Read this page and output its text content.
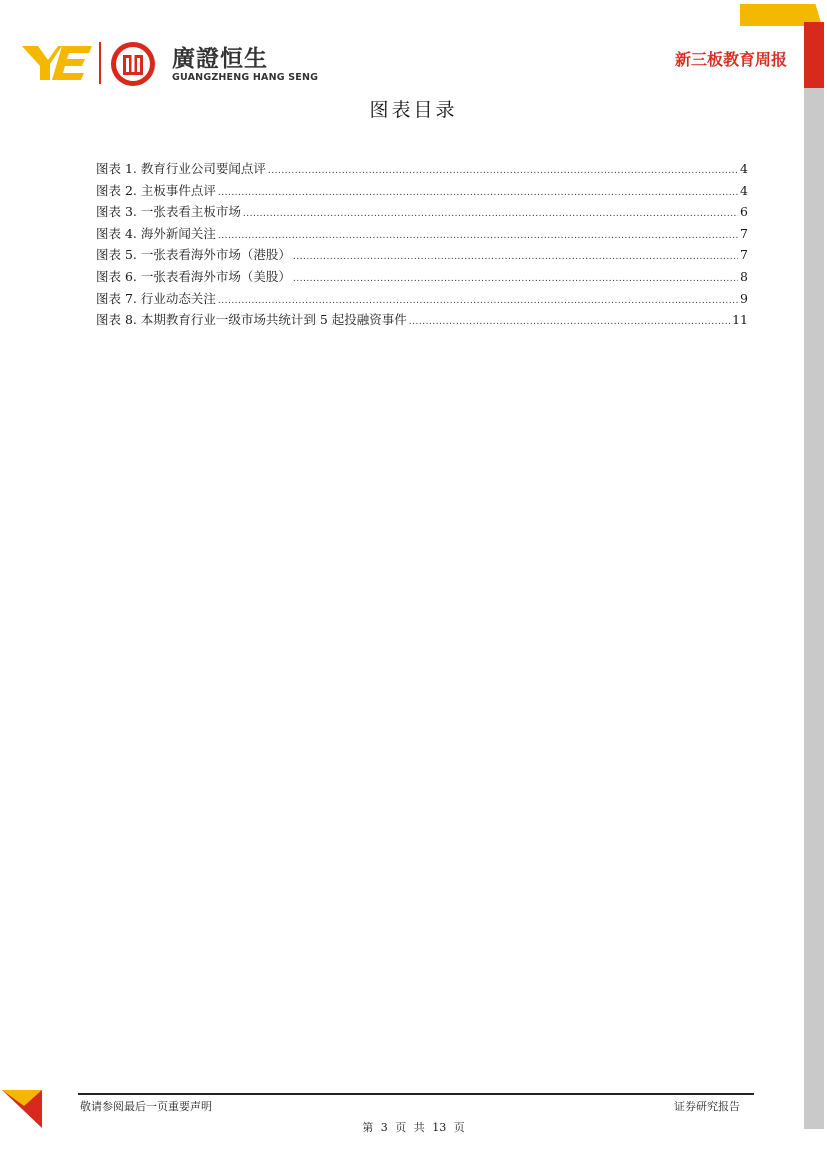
廣證恒生
GUANGZHENG HANG SENG
新三板教育周报
图表目录
图表 1. 教育行业公司要闻点评 .....	4
图表 2. 主板事件点评 .....	4
图表 3. 一张表看主板市场 .....	6
图表 4. 海外新闻关注 .....	7
图表 5. 一张表看海外市场（港股） .....	7
图表 6. 一张表看海外市场（美股） .....	8
图表 7. 行业动态关注 .....	9
图表 8. 本期教育行业一级市场共统计到 5 起投融资事件 .....	11
敬请参阅最后一页重要声明	证券研究报告
第 3 页 共 13 页
